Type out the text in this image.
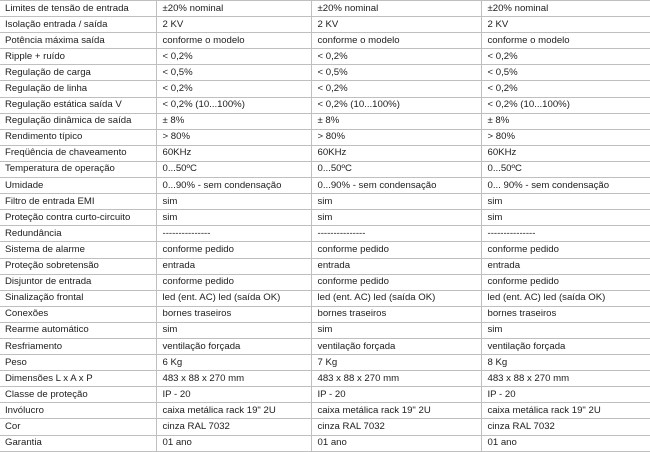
Limites de tensão de entrada	±20% nominal	±20% nominal	±20% nominal
Isolação entrada / saída	2 KV	2 KV	2 KV
Potência máxima saída	conforme o modelo	conforme o modelo	conforme o modelo
Ripple + ruído	< 0,2%	< 0,2%	< 0,2%
Regulação de carga	< 0,5%	< 0,5%	< 0,5%
Regulação de linha	< 0,2%	< 0,2%	< 0,2%
Regulação estática saída V	< 0,2% (10...100%)	< 0,2% (10...100%)	< 0,2% (10...100%)
Regulação dinâmica de saída	± 8%	± 8%	± 8%
Rendimento típico	> 80%	> 80%	> 80%
Freqüência de chaveamento	60KHz	60KHz	60KHz
Temperatura de operação	0...50ºC	0...50ºC	0...50ºC
Umidade	0...90% - sem condensação	0...90% - sem condensação	0... 90% - sem condensação
Filtro de entrada EMI	sim	sim	sim
Proteção contra curto-circuito	sim	sim	sim
Redundância	---------------	---------------	---------------
Sistema de alarme	conforme pedido	conforme pedido	conforme pedido
Proteção sobretensão	entrada	entrada	entrada
Disjuntor de entrada	conforme pedido	conforme pedido	conforme pedido
Sinalização frontal	led (ent. AC) led (saída OK)	led (ent. AC) led (saída OK)	led (ent. AC) led (saída OK)
Conexões	bornes traseiros	bornes traseiros	bornes traseiros
Rearme automático	sim	sim	sim
Resfriamento	ventilação forçada	ventilação forçada	ventilação forçada
Peso	6 Kg	7 Kg	8 Kg
Dimensões L x A x P	483 x 88 x 270 mm	483 x 88 x 270 mm	483 x 88 x 270 mm
Classe de proteção	IP - 20	IP - 20	IP - 20
Invólucro	caixa metálica rack 19" 2U	caixa metálica rack 19" 2U	caixa metálica rack 19" 2U
Cor	cinza RAL 7032	cinza RAL 7032	cinza RAL 7032
Garantia	01 ano	01 ano	01 ano
